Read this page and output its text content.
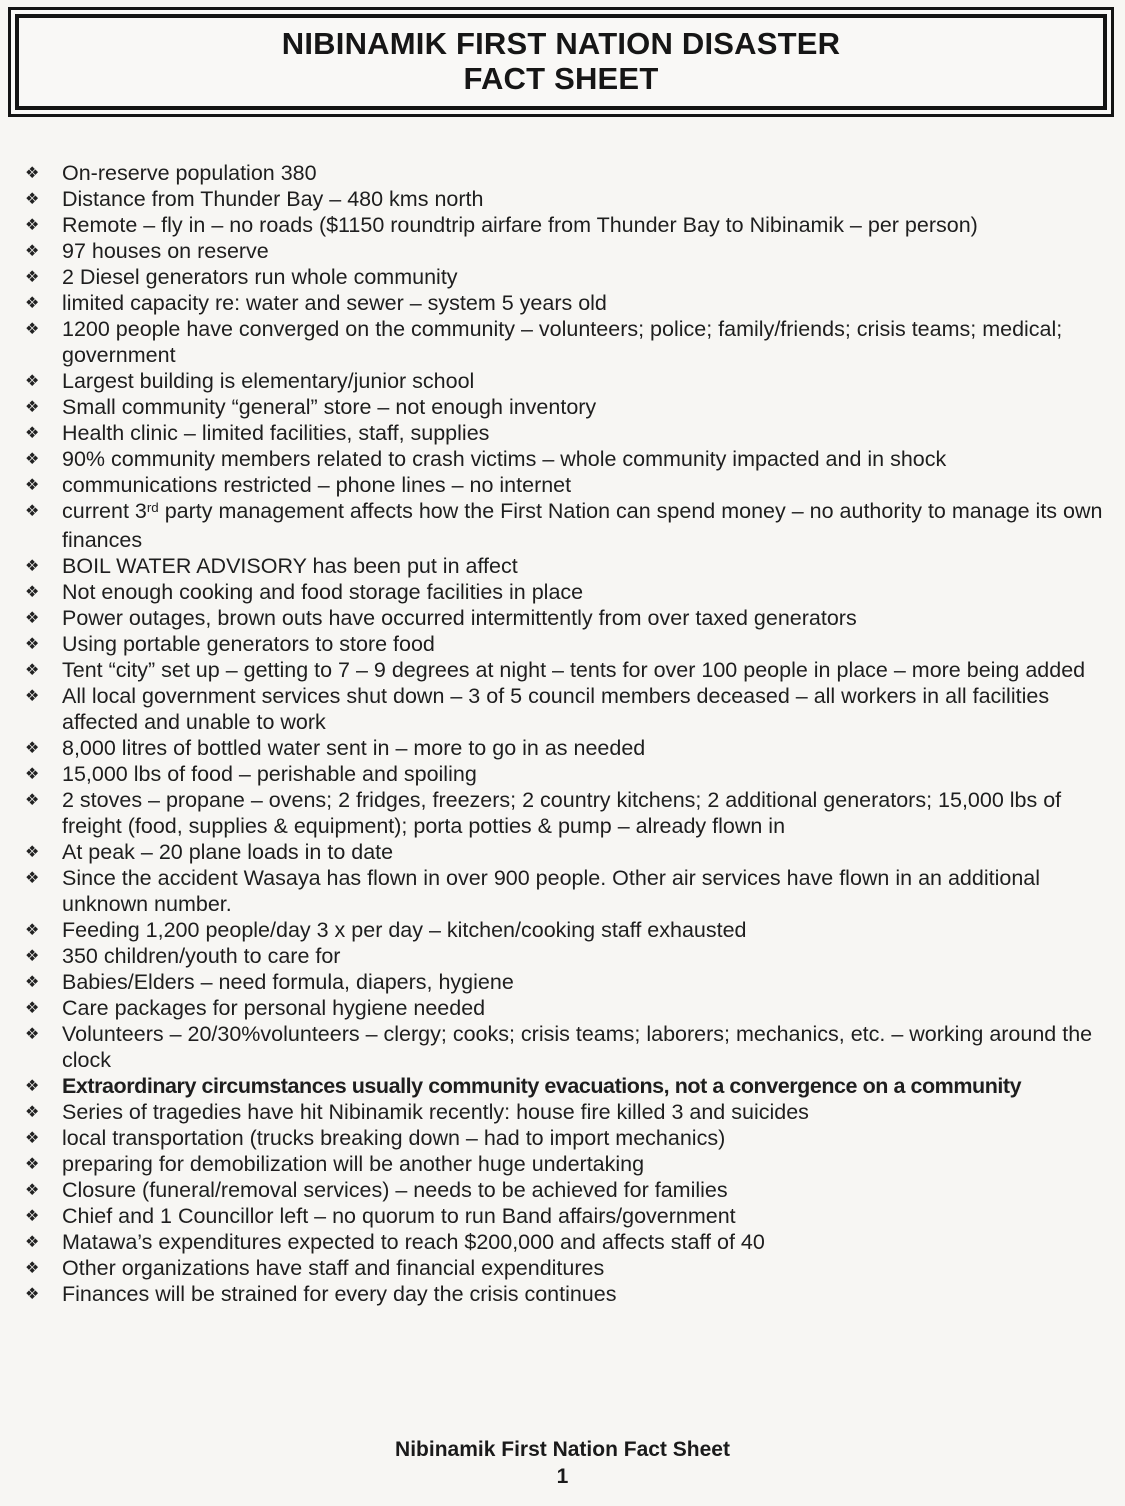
NIBINAMIK FIRST NATION DISASTER
FACT SHEET
❖	On-reserve population 380
❖	Distance from Thunder Bay – 480 kms north
❖	Remote – fly in – no roads ($1150 roundtrip airfare from Thunder Bay to Nibinamik – per person)
❖	97 houses on reserve
❖	2 Diesel generators run whole community
❖	limited capacity re: water and sewer – system 5 years old
❖	1200 people have converged on the community – volunteers; police; family/friends; crisis teams; medical; government
❖	Largest building is elementary/junior school
❖	Small community “general” store – not enough inventory
❖	Health clinic – limited facilities, staff, supplies
❖	90% community members related to crash victims – whole community impacted and in shock
❖	communications restricted – phone lines – no internet
❖	current 3rd party management affects how the First Nation can spend money – no authority to manage its own finances
❖	BOIL WATER ADVISORY has been put in affect
❖	Not enough cooking and food storage facilities in place
❖	Power outages, brown outs have occurred intermittently from over taxed generators
❖	Using portable generators to store food
❖	Tent “city” set up – getting to 7 – 9 degrees at night – tents for over 100 people in place – more being added
❖	All local government services shut down – 3 of 5 council members deceased – all workers in all facilities affected and unable to work
❖	8,000 litres of bottled water sent in – more to go in as needed
❖	15,000 lbs of food – perishable and spoiling
❖	2 stoves – propane – ovens; 2 fridges, freezers; 2 country kitchens; 2 additional generators; 15,000 lbs of freight (food, supplies & equipment); porta potties & pump – already flown in
❖	At peak – 20 plane loads in to date
❖	Since the accident Wasaya has flown in over 900 people. Other air services have flown in an additional unknown number.
❖	Feeding 1,200 people/day 3 x per day – kitchen/cooking staff exhausted
❖	350 children/youth to care for
❖	Babies/Elders – need formula, diapers, hygiene
❖	Care packages for personal hygiene needed
❖	Volunteers – 20/30%volunteers – clergy; cooks; crisis teams; laborers; mechanics, etc. – working around the clock
❖	Extraordinary circumstances usually community evacuations, not a convergence on a community
❖	Series of tragedies have hit Nibinamik recently: house fire killed 3 and suicides
❖	local transportation (trucks breaking down – had to import mechanics)
❖	preparing for demobilization will be another huge undertaking
❖	Closure (funeral/removal services) – needs to be achieved for families
❖	Chief and 1 Councillor left – no quorum to run Band affairs/government
❖	Matawa’s expenditures expected to reach $200,000 and affects staff of 40
❖	Other organizations have staff and financial expenditures
❖	Finances will be strained for every day the crisis continues
Nibinamik First Nation Fact Sheet
1
